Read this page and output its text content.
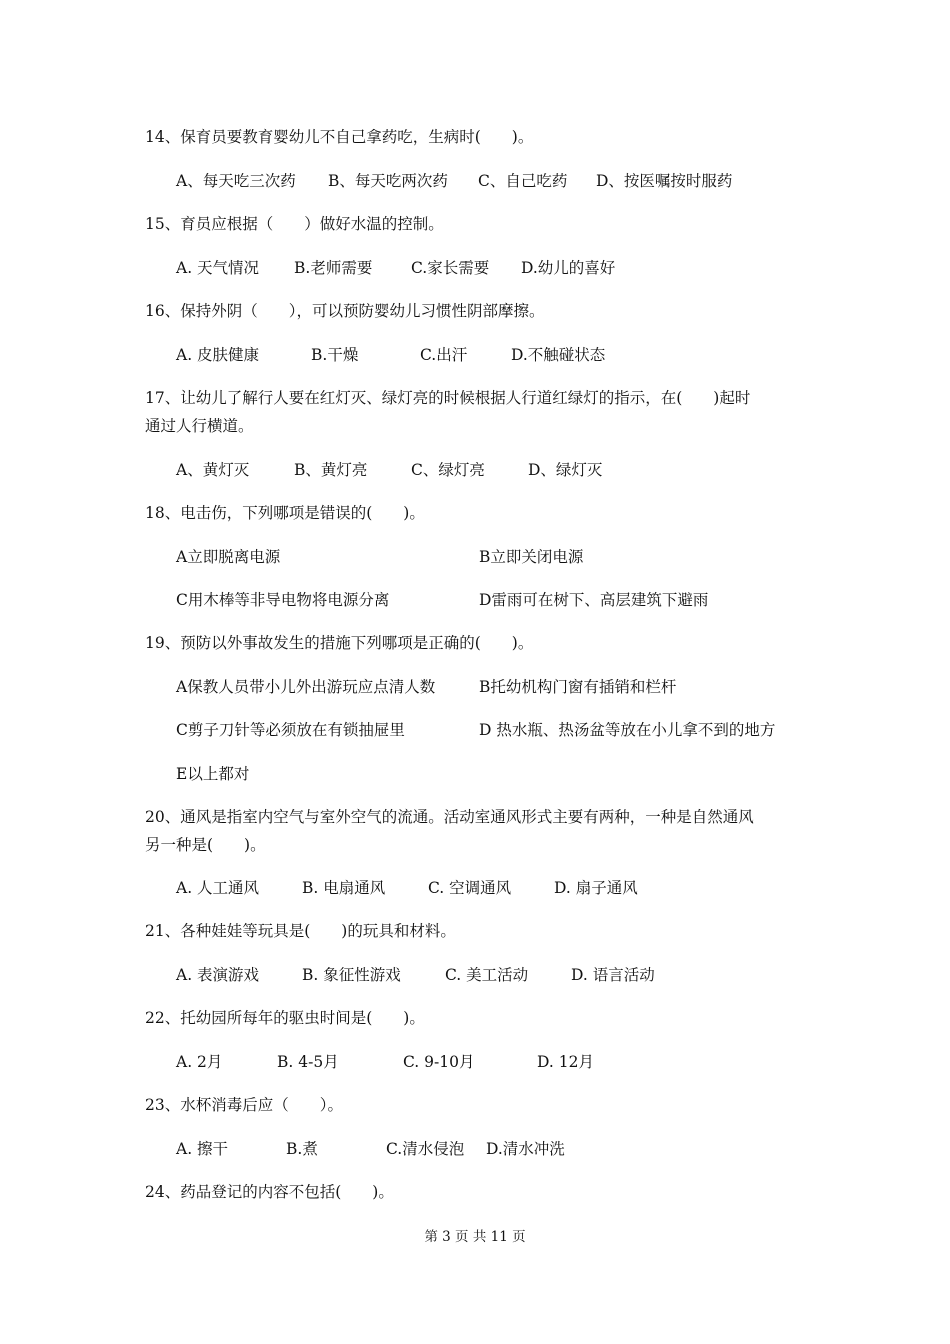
14、保育员要教育婴幼儿不自己拿药吃，生病时(　　)。
A、每天吃三次药 B、每天吃两次药 C、自己吃药 D、按医嘱按时服药
15、育员应根据（　　）做好水温的控制。
A. 天气情况 B.老师需要 C.家长需要 D.幼儿的喜好
16、保持外阴（　　），可以预防婴幼儿习惯性阴部摩擦。
A. 皮肤健康	B.干燥	C.出汗	D.不触碰状态
17、让幼儿了解行人要在红灯灭、绿灯亮的时候根据人行道红绿灯的指示，在(　　)起时
通过人行横道。
A、黄灯灭	B、黄灯亮	C、绿灯亮	D、绿灯灭
18、电击伤，下列哪项是错误的(　　)。
A立即脱离电源	B立即关闭电源
C用木棒等非导电物将电源分离	D雷雨可在树下、高层建筑下避雨
19、预防以外事故发生的措施下列哪项是正确的(　　)。
A保教人员带小儿外出游玩应点清人数	B托幼机构门窗有插销和栏杆
C剪子刀针等必须放在有锁抽屉里	D 热水瓶、热汤盆等放在小儿拿不到的地方
E以上都对
20、通风是指室内空气与室外空气的流通。活动室通风形式主要有两种，一种是自然通风
另一种是(　　)。
A. 人工通风	B. 电扇通风	C. 空调通风	D. 扇子通风
21、各种娃娃等玩具是(　　)的玩具和材料。
A. 表演游戏	B. 象征性游戏	C. 美工活动	D. 语言活动
22、托幼园所每年的驱虫时间是(　　)。
A. 2月	B. 4-5月	C. 9-10月	D. 12月
23、水杯消毒后应（　　）。
A. 擦干	B.煮	C.清水侵泡 D.清水冲洗
24、药品登记的内容不包括(　　)。
第 3 页 共 11 页
